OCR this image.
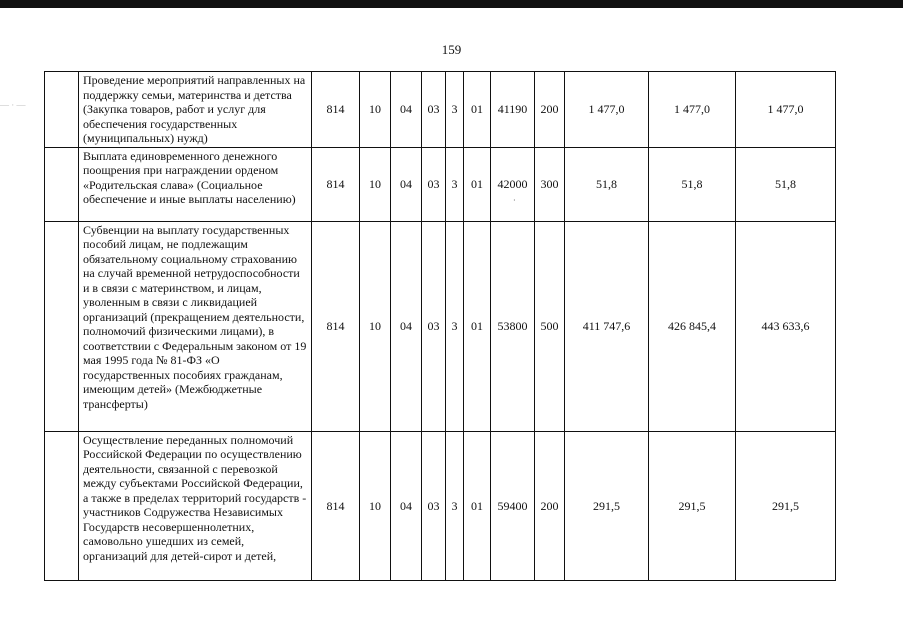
159
— · —
·
	Проведение мероприятий направленных на поддержку семьи, материнства и детства (Закупка товаров, работ и услуг для обеспечения государственных (муниципальных) нужд)	814	10	04	03	3	01	41190	200	1 477,0	1 477,0	1 477,0
	Выплата единовременного денежного поощрения при награждении орденом «Родительская слава» (Социальное обеспечение и иные выплаты населению)	814	10	04	03	3	01	42000	300	51,8	51,8	51,8
	Субвенции на выплату государственных пособий лицам, не подлежащим обязательному социальному страхованию на случай временной нетрудоспособности и в связи с материнством, и лицам, уволенным в связи с ликвидацией организаций (прекращением деятельности, полномочий физическими лицами), в соответствии с Федеральным законом от 19 мая 1995 года № 81-ФЗ «О государственных пособиях гражданам, имеющим детей» (Межбюджетные трансферты)	814	10	04	03	3	01	53800	500	411 747,6	426 845,4	443 633,6
	Осуществление переданных полномочий Российской Федерации по осуществлению деятельности, связанной с перевозкой между субъектами Российской Федерации, а также в пределах территорий государств - участников Содружества Независимых Государств несовершеннолетних, самовольно ушедших из семей, организаций для детей-сирот и детей,	814	10	04	03	3	01	59400	200	291,5	291,5	291,5
